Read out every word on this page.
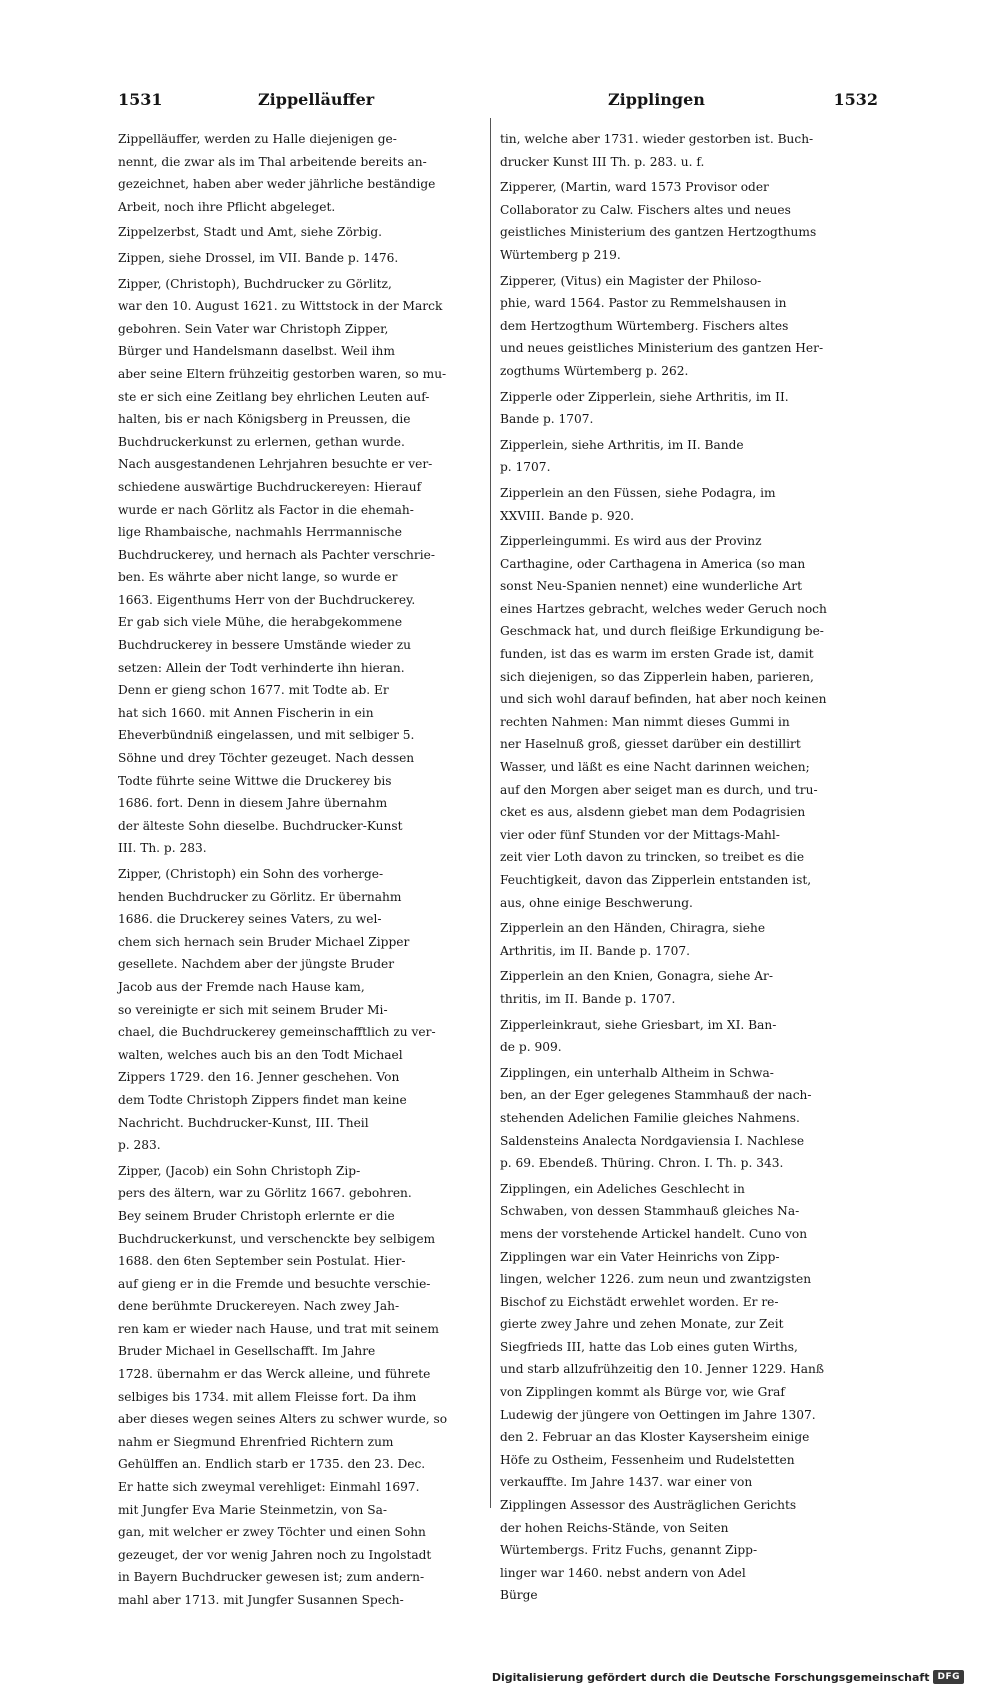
1531	Zippelläuffer	Zipplingen	1532
Zippelläuffer, werden zu Halle diejenigen ge-
nennt, die zwar als im Thal arbeitende bereits an-
gezeichnet, haben aber weder jährliche beständige
Arbeit, noch ihre Pflicht abgeleget.
Zippelzerbst, Stadt und Amt, siehe Zörbig.
Zippen, siehe Drossel, im VII. Bande p. 1476.
Zipper, (Christoph), Buchdrucker zu Görlitz,
war den 10. August 1621. zu Wittstock in der Marck
gebohren. Sein Vater war Christoph Zipper,
Bürger und Handelsmann daselbst. Weil ihm
aber seine Eltern frühzeitig gestorben waren, so mu-
ste er sich eine Zeitlang bey ehrlichen Leuten auf-
halten, bis er nach Königsberg in Preussen, die
Buchdruckerkunst zu erlernen, gethan wurde.
Nach ausgestandenen Lehrjahren besuchte er ver-
schiedene auswärtige Buchdruckereyen: Hierauf
wurde er nach Görlitz als Factor in die ehemah-
lige Rhambaische, nachmahls Herrmannische
Buchdruckerey, und hernach als Pachter verschrie-
ben. Es währte aber nicht lange, so wurde er
1663. Eigenthums Herr von der Buchdruckerey.
Er gab sich viele Mühe, die herabgekommene
Buchdruckerey in bessere Umstände wieder zu
setzen: Allein der Todt verhinderte ihn hieran.
Denn er gieng schon 1677. mit Todte ab. Er
hat sich 1660. mit Annen Fischerin in ein
Eheverbündniß eingelassen, und mit selbiger 5.
Söhne und drey Töchter gezeuget. Nach dessen
Todte führte seine Wittwe die Druckerey bis
1686. fort. Denn in diesem Jahre übernahm
der älteste Sohn dieselbe. Buchdrucker-Kunst
III. Th. p. 283.
Zipper, (Christoph) ein Sohn des vorherge-
henden Buchdrucker zu Görlitz. Er übernahm
1686. die Druckerey seines Vaters, zu wel-
chem sich hernach sein Bruder Michael Zipper
gesellete. Nachdem aber der jüngste Bruder
Jacob aus der Fremde nach Hause kam,
so vereinigte er sich mit seinem Bruder Mi-
chael, die Buchdruckerey gemeinschafftlich zu ver-
walten, welches auch bis an den Todt Michael
Zippers 1729. den 16. Jenner geschehen. Von
dem Todte Christoph Zippers findet man keine
Nachricht. Buchdrucker-Kunst, III. Theil
p. 283.
Zipper, (Jacob) ein Sohn Christoph Zip-
pers des ältern, war zu Görlitz 1667. gebohren.
Bey seinem Bruder Christoph erlernte er die
Buchdruckerkunst, und verschenckte bey selbigem
1688. den 6ten September sein Postulat. Hier-
auf gieng er in die Fremde und besuchte verschie-
dene berühmte Druckereyen. Nach zwey Jah-
ren kam er wieder nach Hause, und trat mit seinem
Bruder Michael in Gesellschafft. Im Jahre
1728. übernahm er das Werck alleine, und führete
selbiges bis 1734. mit allem Fleisse fort. Da ihm
aber dieses wegen seines Alters zu schwer wurde, so
nahm er Siegmund Ehrenfried Richtern zum
Gehülffen an. Endlich starb er 1735. den 23. Dec.
Er hatte sich zweymal verehliget: Einmahl 1697.
mit Jungfer Eva Marie Steinmetzin, von Sa-
gan, mit welcher er zwey Töchter und einen Sohn
gezeuget, der vor wenig Jahren noch zu Ingolstadt
in Bayern Buchdrucker gewesen ist; zum andern-
mahl aber 1713. mit Jungfer Susannen Spech-
tin, welche aber 1731. wieder gestorben ist. Buch-
drucker Kunst III Th. p. 283. u. f.
Zipperer, (Martin, ward 1573 Provisor oder
Collaborator zu Calw. Fischers altes und neues
geistliches Ministerium des gantzen Hertzogthums
Würtemberg p 219.
Zipperer, (Vitus) ein Magister der Philoso-
phie, ward 1564. Pastor zu Remmelshausen in
dem Hertzogthum Würtemberg. Fischers altes
und neues geistliches Ministerium des gantzen Her-
zogthums Würtemberg p. 262.
Zipperle oder Zipperlein, siehe Arthritis, im II.
Bande p. 1707.
Zipperlein, siehe Arthritis, im II. Bande
p. 1707.
Zipperlein an den Füssen, siehe Podagra, im
XXVIII. Bande p. 920.
Zipperleingummi. Es wird aus der Provinz
Carthagine, oder Carthagena in America (so man
sonst Neu-Spanien nennet) eine wunderliche Art
eines Hartzes gebracht, welches weder Geruch noch
Geschmack hat, und durch fleißige Erkundigung be-
funden, ist das es warm im ersten Grade ist, damit
sich diejenigen, so das Zipperlein haben, parieren,
und sich wohl darauf befinden, hat aber noch keinen
rechten Nahmen: Man nimmt dieses Gummi in
ner Haselnuß groß, giesset darüber ein destillirt
Wasser, und läßt es eine Nacht darinnen weichen;
auf den Morgen aber seiget man es durch, und tru-
cket es aus, alsdenn giebet man dem Podagrisien
vier oder fünf Stunden vor der Mittags-Mahl-
zeit vier Loth davon zu trincken, so treibet es die
Feuchtigkeit, davon das Zipperlein entstanden ist,
aus, ohne einige Beschwerung.
Zipperlein an den Händen, Chiragra, siehe
Arthritis, im II. Bande p. 1707.
Zipperlein an den Knien, Gonagra, siehe Ar-
thritis, im II. Bande p. 1707.
Zipperleinkraut, siehe Griesbart, im XI. Ban-
de p. 909.
Zipplingen, ein unterhalb Altheim in Schwa-
ben, an der Eger gelegenes Stammhauß der nach-
stehenden Adelichen Familie gleiches Nahmens.
Saldensteins Analecta Nordgaviensia I. Nachlese
p. 69. Ebendeß. Thüring. Chron. I. Th. p. 343.
Zipplingen, ein Adeliches Geschlecht in
Schwaben, von dessen Stammhauß gleiches Na-
mens der vorstehende Artickel handelt. Cuno von
Zipplingen war ein Vater Heinrichs von Zipp-
lingen, welcher 1226. zum neun und zwantzigsten
Bischof zu Eichstädt erwehlet worden. Er re-
gierte zwey Jahre und zehen Monate, zur Zeit
Siegfrieds III, hatte das Lob eines guten Wirths,
und starb allzufrühzeitig den 10. Jenner 1229. Hanß
von Zipplingen kommt als Bürge vor, wie Graf
Ludewig der jüngere von Oettingen im Jahre 1307.
den 2. Februar an das Kloster Kaysersheim einige
Höfe zu Ostheim, Fessenheim und Rudelstetten
verkauffte. Im Jahre 1437. war einer von
Zipplingen Assessor des Austräglichen Gerichts
der hohen Reichs-Stände, von Seiten
Würtembergs. Fritz Fuchs, genannt Zipp-
linger war 1460. nebst andern von Adel
Bürge
Digitalisierung gefördert durch die Deutsche Forschungsgemeinschaft DFG
